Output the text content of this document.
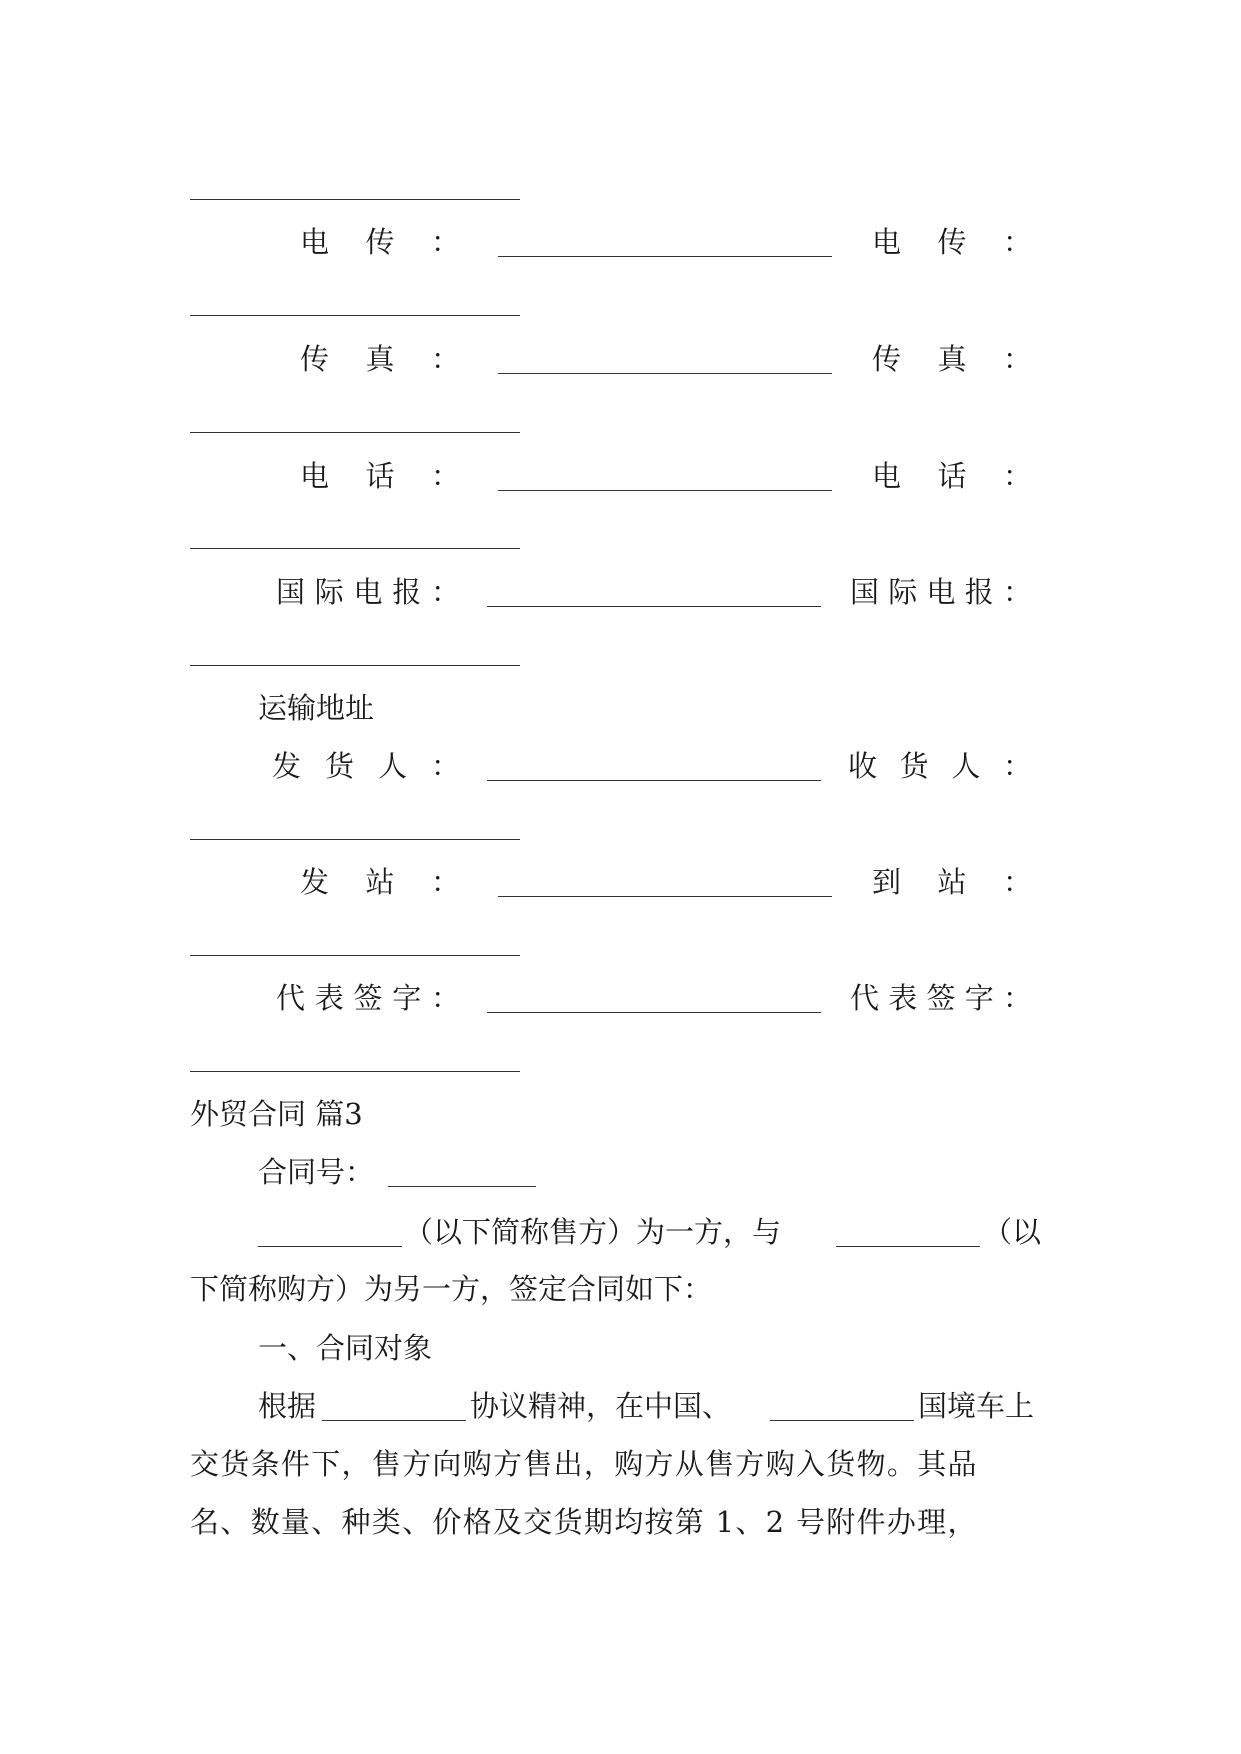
电 传 ：	电 传 ：
传 真 ：	传 真 ：
电 话 ：	电 话 ：
国 际 电 报 ：	国 际 电 报 ：
运输地址
发 货 人 ：	收 货 人 ：
发 站 ：	到 站 ：
代 表 签 字 ：	代 表 签 字 ：
外贸合同 篇3
合同号：
（以下简称售方）为一方，与	（以
下简称购方）为另一方，签定合同如下：
一、合同对象
根据	协议精神，在中国、	国境车上
交货条件下，售方向购方售出，购方从售方购入货物。其品
名、数量、种类、价格及交货期均按第 1、2 号附件办理，
